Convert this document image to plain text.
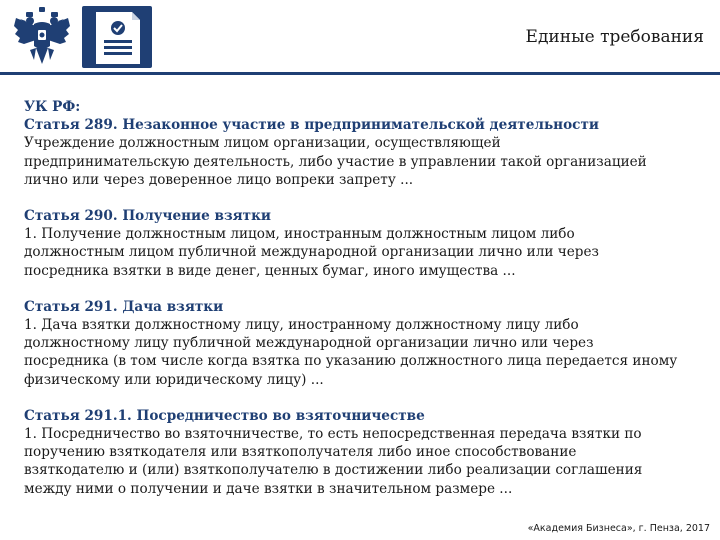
Единые требования
УК РФ:
Статья 289. Незаконное участие в предпринимательской деятельности
Учреждение должностным лицом организации, осуществляющей
предпринимательскую деятельность, либо участие в управлении такой организацией
лично или через доверенное лицо вопреки запрету ...
Статья 290. Получение взятки
1. Получение должностным лицом, иностранным должностным лицом либо
должностным лицом публичной международной организации лично или через
посредника взятки в виде денег, ценных бумаг, иного имущества ...
Статья 291. Дача взятки
1. Дача взятки должностному лицу, иностранному должностному лицу либо
должностному лицу публичной международной организации лично или через
посредника (в том числе когда взятка по указанию должностного лица передается иному
физическому или юридическому лицу) ...
Статья 291.1. Посредничество во взяточничестве
1. Посредничество во взяточничестве, то есть непосредственная передача взятки по
поручению взяткодателя или взяткополучателя либо иное способствование
взяткодателю и (или) взяткополучателю в достижении либо реализации соглашения
между ними о получении и даче взятки в значительном размере ...
«Академия Бизнеса», г. Пенза, 2017
